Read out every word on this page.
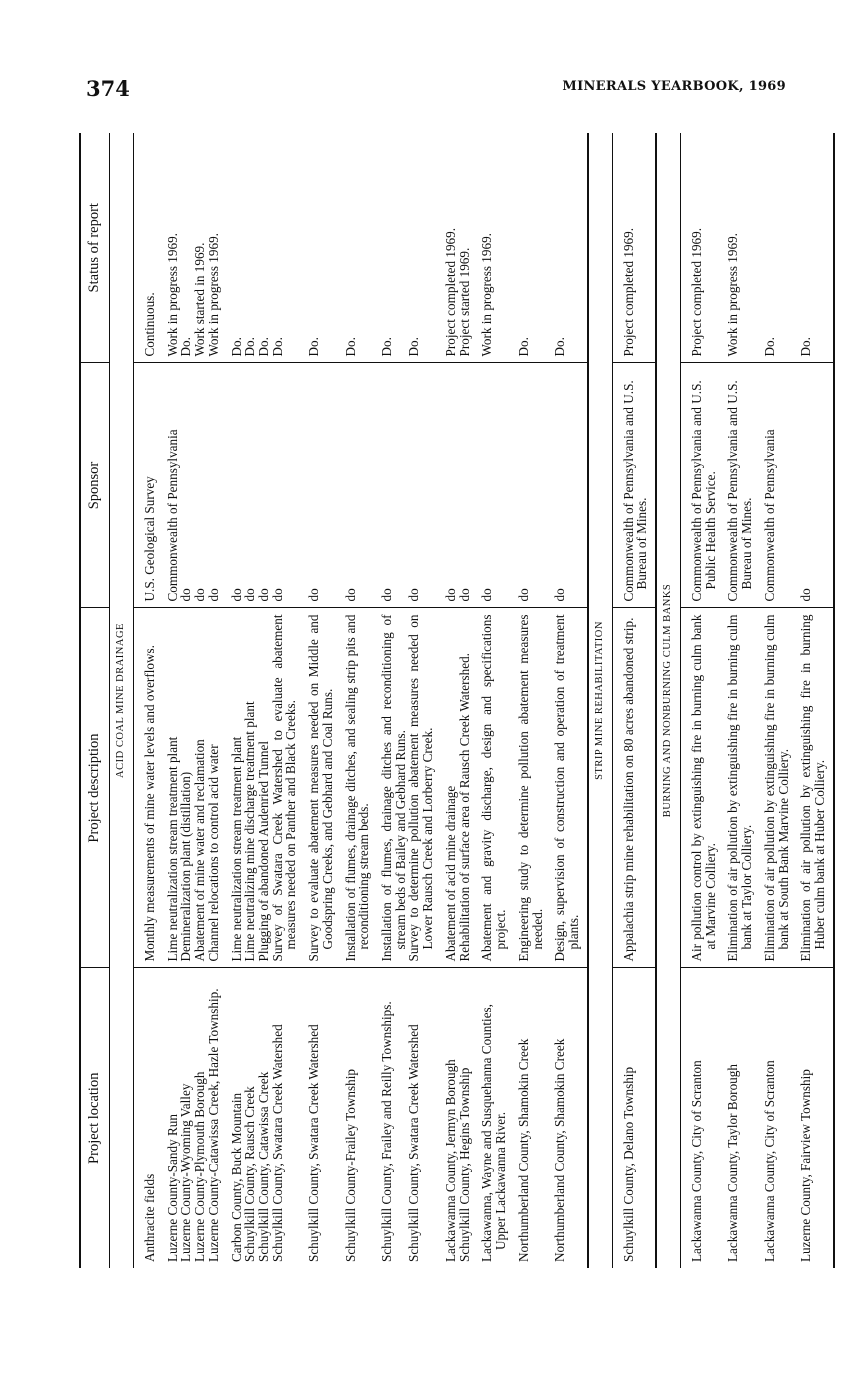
374	MINERALS YEARBOOK, 1969
Project location	Project description	Sponsor	Status of report
ACID COAL MINE DRAINAGE			

Anthracite fields	Monthly measurements of mine water levels and overflows.	U.S. Geological Survey	Continuous.

Luzerne County-Sandy Run	Lime neutralization stream treatment plant	Commonwealth of Pennsylvania	Work in progress 1969.

Luzerne County-Wyoming Valley	Demineralization plant (distillation)	do	Do.

Luzerne County-Plymouth Borough	Abatement of mine water and reclamation	do	Work started in 1969.

Luzerne County-Catawissa Creek, Hazle Township.	Channel relocations to control acid water	do	Work in progress 1969.

Carbon County, Buck Mountain	Lime neutralization stream treatment plant	do	Do.

Schuylkill County, Rausch Creek	Lime neutralizing mine discharge treatment plant	do	Do.

Schuylkill County, Catawissa Creek	Plugging of abandoned Audenried Tunnel	do	Do.

Schuylkill County, Swatara Creek Watershed	Survey of Swatara Creek Watershed to evaluate abatement measures needed on Panther and Black Creeks.	do	Do.

Schuylkill County, Swatara Creek Watershed	Survey to evaluate abatement measures needed on Middle and Goodspring Creeks, and Gebhard and Coal Runs.	do	Do.

Schuylkill County-Frailey Township	Installation of flumes, drainage ditches, and sealing strip pits and reconditioning stream beds.	do	Do.

Schuylkill County, Frailey and Reilly Townships.	Installation of flumes, drainage ditches and reconditioning of stream beds of Bailey and Gebhard Runs.	do	Do.

Schuylkill County, Swatara Creek Watershed	Survey to determine pollution abatement measures needed on Lower Rausch Creek and Lorberry Creek.	do	Do.

Lackawanna County, Jermyn Borough	Abatement of acid mine drainage	do	Project completed 1969.

Schuylkill County, Hegins Township	Rehabilitation of surface area of Rausch Creek Watershed.	do	Project started 1969.

Lackawanna, Wayne and Susquehanna Counties, Upper Lackawanna River.	Abatement and gravity discharge, design and specifications project.	do	Work in progress 1969.

Northumberland County, Shamokin Creek	Engineering study to determine pollution abatement measures needed.	do	Do.

Northumberland County, Shamokin Creek	Design, supervision of construction and operation of treatment plants.	do	Do.

STRIP MINE REHABILITATION			

Schuylkill County, Delano Township	Appalachia strip mine rehabilitation on 80 acres abandoned strip.	Commonwealth of Pennsylvania and U.S. Bureau of Mines.	Project completed 1969.

BURNING AND NONBURNING CULM BANKS			

Lackawanna County, City of Scranton	Air pollution control by extinguishing fire in burning culm bank at Marvine Colliery.	Commonwealth of Pennsylvania and U.S. Public Health Service.	Project completed 1969.

Lackawanna County, Taylor Borough	Elimination of air pollution by extinguishing fire in burning culm bank at Taylor Colliery.	Commonwealth of Pennsylvania and U.S. Bureau of Mines.	Work in progress 1969.

Lackawanna County, City of Scranton	Elimination of air pollution by extinguishing fire in burning culm bank at South Bank Marvine Colliery.	Commonwealth of Pennsylvania	Do.

Luzerne County, Fairview Township	Elimination of air pollution by extinguishing fire in burning Huber culm bank at Huber Colliery.	do	Do.
